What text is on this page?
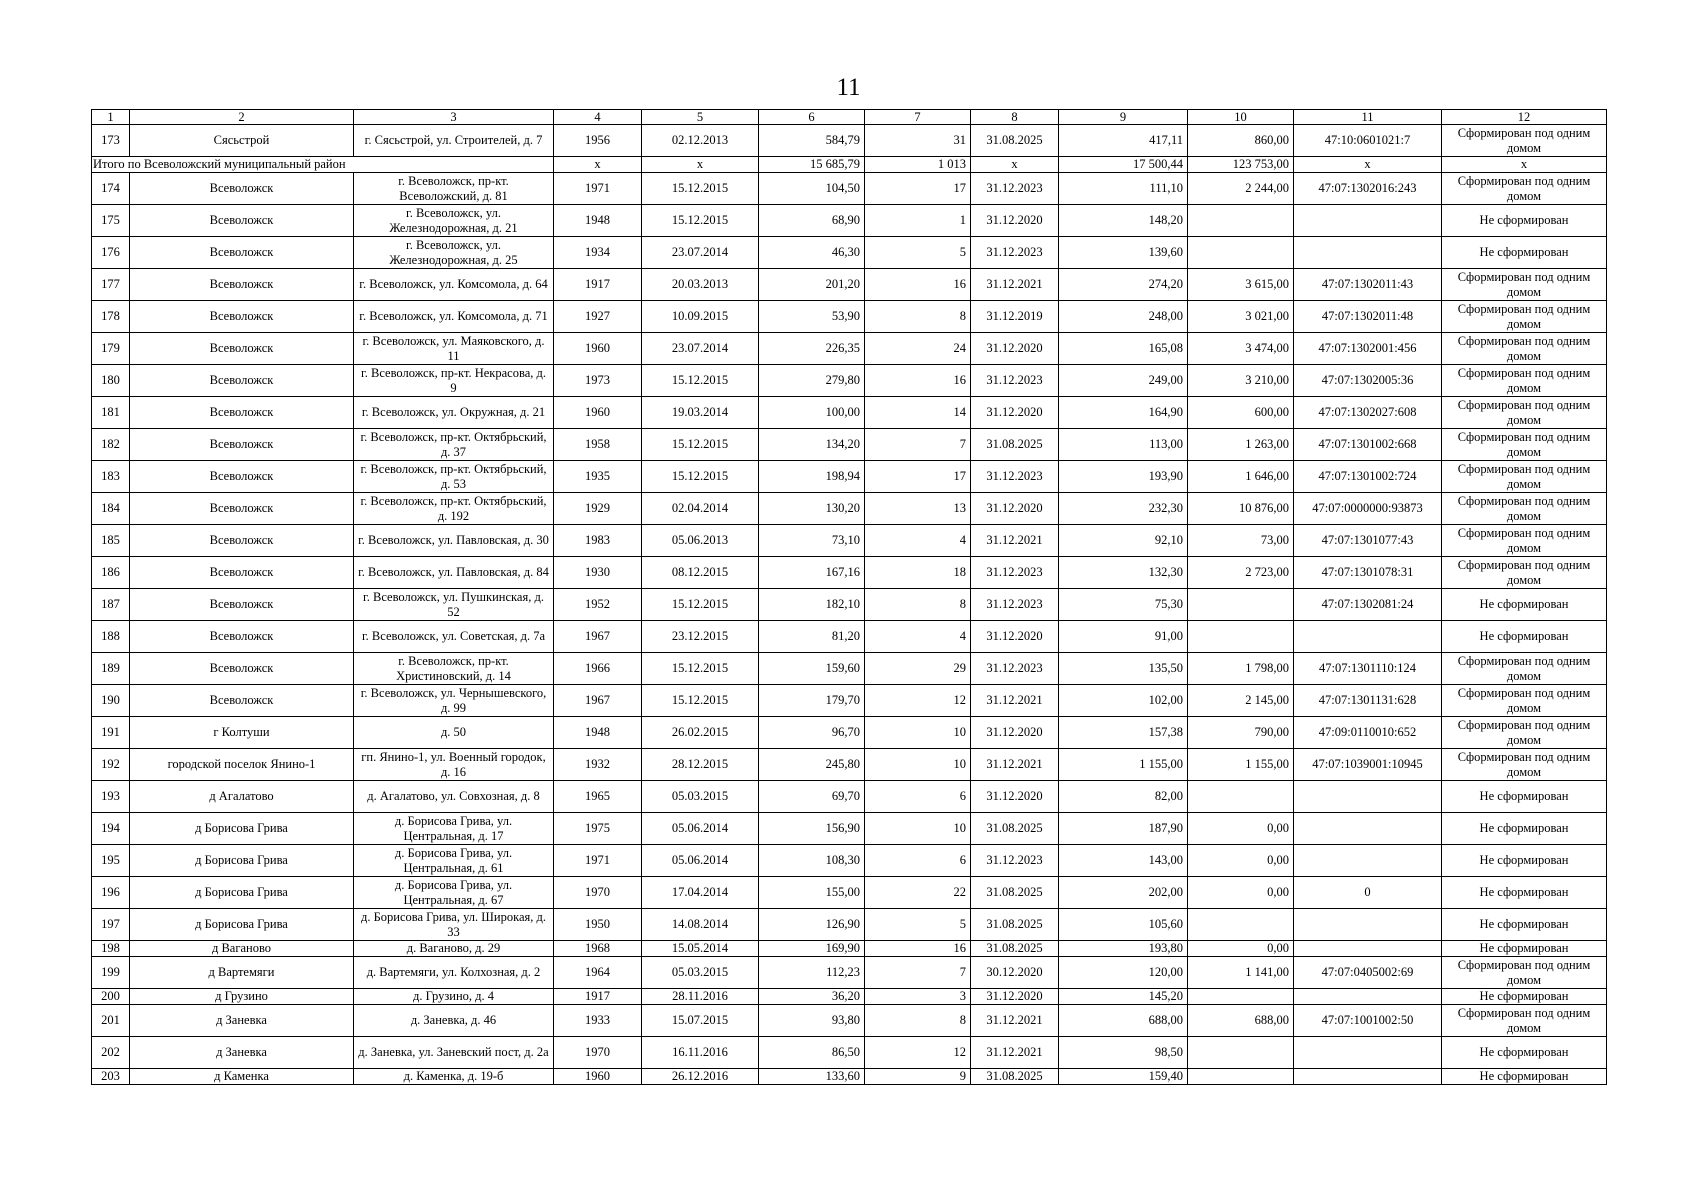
11
1	2	3	4	5	6	7	8	9	10	11	12
173	Сясьстрой	г. Сясьстрой, ул. Строителей, д. 7	1956	02.12.2013	584,79	31	31.08.2025	417,11	860,00	47:10:0601021:7	Сформирован под одним домом
Итого по Всеволожский муниципальный район			x	x	15 685,79	1 013	x	17 500,44	123 753,00	x	x
174	Всеволожск	г. Всеволожск, пр-кт. Всеволожский, д. 81	1971	15.12.2015	104,50	17	31.12.2023	111,10	2 244,00	47:07:1302016:243	Сформирован под одним домом
175	Всеволожск	г. Всеволожск, ул. Железнодорожная, д. 21	1948	15.12.2015	68,90	1	31.12.2020	148,20			Не сформирован
176	Всеволожск	г. Всеволожск, ул. Железнодорожная, д. 25	1934	23.07.2014	46,30	5	31.12.2023	139,60			Не сформирован
177	Всеволожск	г. Всеволожск, ул. Комсомола, д. 64	1917	20.03.2013	201,20	16	31.12.2021	274,20	3 615,00	47:07:1302011:43	Сформирован под одним домом
178	Всеволожск	г. Всеволожск, ул. Комсомола, д. 71	1927	10.09.2015	53,90	8	31.12.2019	248,00	3 021,00	47:07:1302011:48	Сформирован под одним домом
179	Всеволожск	г. Всеволожск, ул. Маяковского, д. 11	1960	23.07.2014	226,35	24	31.12.2020	165,08	3 474,00	47:07:1302001:456	Сформирован под одним домом
180	Всеволожск	г. Всеволожск, пр-кт. Некрасова, д. 9	1973	15.12.2015	279,80	16	31.12.2023	249,00	3 210,00	47:07:1302005:36	Сформирован под одним домом
181	Всеволожск	г. Всеволожск, ул. Окружная, д. 21	1960	19.03.2014	100,00	14	31.12.2020	164,90	600,00	47:07:1302027:608	Сформирован под одним домом
182	Всеволожск	г. Всеволожск, пр-кт. Октябрьский, д. 37	1958	15.12.2015	134,20	7	31.08.2025	113,00	1 263,00	47:07:1301002:668	Сформирован под одним домом
183	Всеволожск	г. Всеволожск, пр-кт. Октябрьский, д. 53	1935	15.12.2015	198,94	17	31.12.2023	193,90	1 646,00	47:07:1301002:724	Сформирован под одним домом
184	Всеволожск	г. Всеволожск, пр-кт. Октябрьский, д. 192	1929	02.04.2014	130,20	13	31.12.2020	232,30	10 876,00	47:07:0000000:93873	Сформирован под одним домом
185	Всеволожск	г. Всеволожск, ул. Павловская, д. 30	1983	05.06.2013	73,10	4	31.12.2021	92,10	73,00	47:07:1301077:43	Сформирован под одним домом
186	Всеволожск	г. Всеволожск, ул. Павловская, д. 84	1930	08.12.2015	167,16	18	31.12.2023	132,30	2 723,00	47:07:1301078:31	Сформирован под одним домом
187	Всеволожск	г. Всеволожск, ул. Пушкинская, д. 52	1952	15.12.2015	182,10	8	31.12.2023	75,30		47:07:1302081:24	Не сформирован
188	Всеволожск	г. Всеволожск, ул. Советская, д. 7а	1967	23.12.2015	81,20	4	31.12.2020	91,00			Не сформирован
189	Всеволожск	г. Всеволожск, пр-кт. Христиновский, д. 14	1966	15.12.2015	159,60	29	31.12.2023	135,50	1 798,00	47:07:1301110:124	Сформирован под одним домом
190	Всеволожск	г. Всеволожск, ул. Чернышевского, д. 99	1967	15.12.2015	179,70	12	31.12.2021	102,00	2 145,00	47:07:1301131:628	Сформирован под одним домом
191	г Колтуши	д. 50	1948	26.02.2015	96,70	10	31.12.2020	157,38	790,00	47:09:0110010:652	Сформирован под одним домом
192	городской поселок Янино-1	гп. Янино-1, ул. Военный городок, д. 16	1932	28.12.2015	245,80	10	31.12.2021	1 155,00	1 155,00	47:07:1039001:10945	Сформирован под одним домом
193	д Агалатово	д. Агалатово, ул. Совхозная, д. 8	1965	05.03.2015	69,70	6	31.12.2020	82,00			Не сформирован
194	д Борисова Грива	д. Борисова Грива, ул. Центральная, д. 17	1975	05.06.2014	156,90	10	31.08.2025	187,90	0,00		Не сформирован
195	д Борисова Грива	д. Борисова Грива, ул. Центральная, д. 61	1971	05.06.2014	108,30	6	31.12.2023	143,00	0,00		Не сформирован
196	д Борисова Грива	д. Борисова Грива, ул. Центральная, д. 67	1970	17.04.2014	155,00	22	31.08.2025	202,00	0,00	0	Не сформирован
197	д Борисова Грива	д. Борисова Грива, ул. Широкая, д. 33	1950	14.08.2014	126,90	5	31.08.2025	105,60			Не сформирован
198	д Ваганово	д. Ваганово, д. 29	1968	15.05.2014	169,90	16	31.08.2025	193,80	0,00		Не сформирован
199	д Вартемяги	д. Вартемяги, ул. Колхозная, д. 2	1964	05.03.2015	112,23	7	30.12.2020	120,00	1 141,00	47:07:0405002:69	Сформирован под одним домом
200	д Грузино	д. Грузино, д. 4	1917	28.11.2016	36,20	3	31.12.2020	145,20			Не сформирован
201	д Заневка	д. Заневка, д. 46	1933	15.07.2015	93,80	8	31.12.2021	688,00	688,00	47:07:1001002:50	Сформирован под одним домом
202	д Заневка	д. Заневка, ул. Заневский пост, д. 2а	1970	16.11.2016	86,50	12	31.12.2021	98,50			Не сформирован
203	д Каменка	д. Каменка, д. 19-б	1960	26.12.2016	133,60	9	31.08.2025	159,40			Не сформирован
